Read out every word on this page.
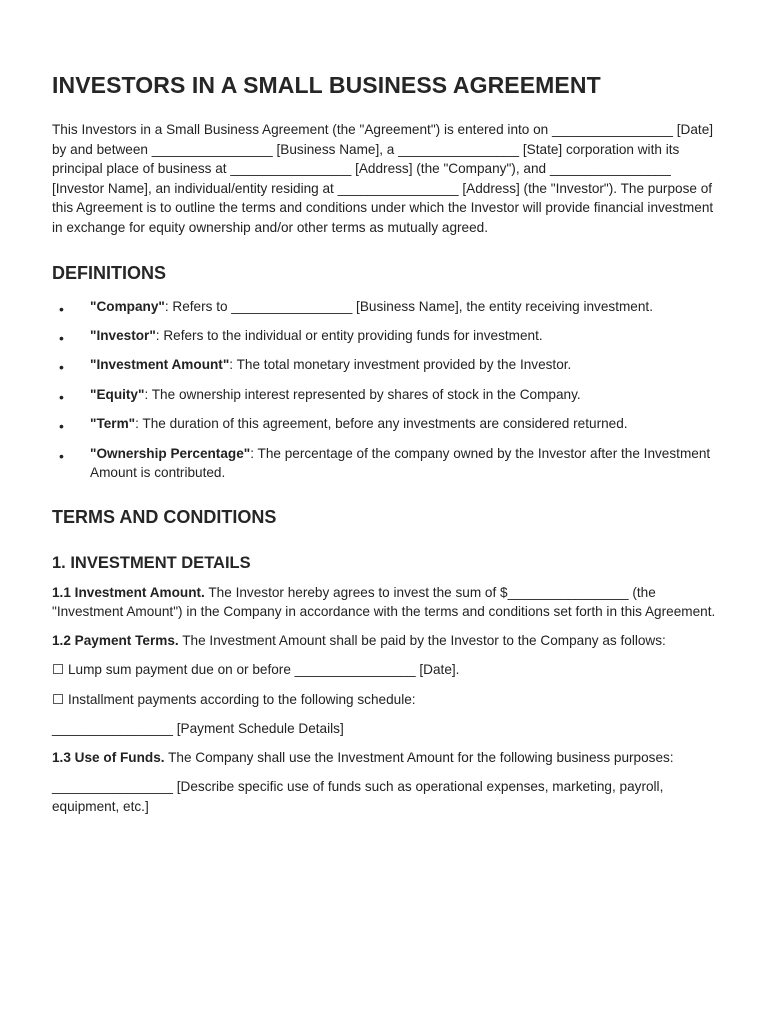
INVESTORS IN A SMALL BUSINESS AGREEMENT

This Investors in a Small Business Agreement (the "Agreement") is entered into on ________________ [Date] by and between ________________ [Business Name], a ________________ [State] corporation with its principal place of business at ________________ [Address] (the "Company"), and ________________ [Investor Name], an individual/entity residing at ________________ [Address] (the "Investor"). The purpose of this Agreement is to outline the terms and conditions under which the Investor will provide financial investment in exchange for equity ownership and/or other terms as mutually agreed.

DEFINITIONS
• "Company": Refers to ________________ [Business Name], the entity receiving investment.
• "Investor": Refers to the individual or entity providing funds for investment.
• "Investment Amount": The total monetary investment provided by the Investor.
• "Equity": The ownership interest represented by shares of stock in the Company.
• "Term": The duration of this agreement, before any investments are considered returned.
• "Ownership Percentage": The percentage of the company owned by the Investor after the Investment Amount is contributed.
TERMS AND CONDITIONS
1. INVESTMENT DETAILS

1.1 Investment Amount. The Investor hereby agrees to invest the sum of $________________ (the "Investment Amount") in the Company in accordance with the terms and conditions set forth in this Agreement.

1.2 Payment Terms. The Investment Amount shall be paid by the Investor to the Company as follows:

☐ Lump sum payment due on or before ________________ [Date].

☐ Installment payments according to the following schedule:

________________ [Payment Schedule Details]

1.3 Use of Funds. The Company shall use the Investment Amount for the following business purposes:

________________ [Describe specific use of funds such as operational expenses, marketing, payroll, equipment, etc.]
